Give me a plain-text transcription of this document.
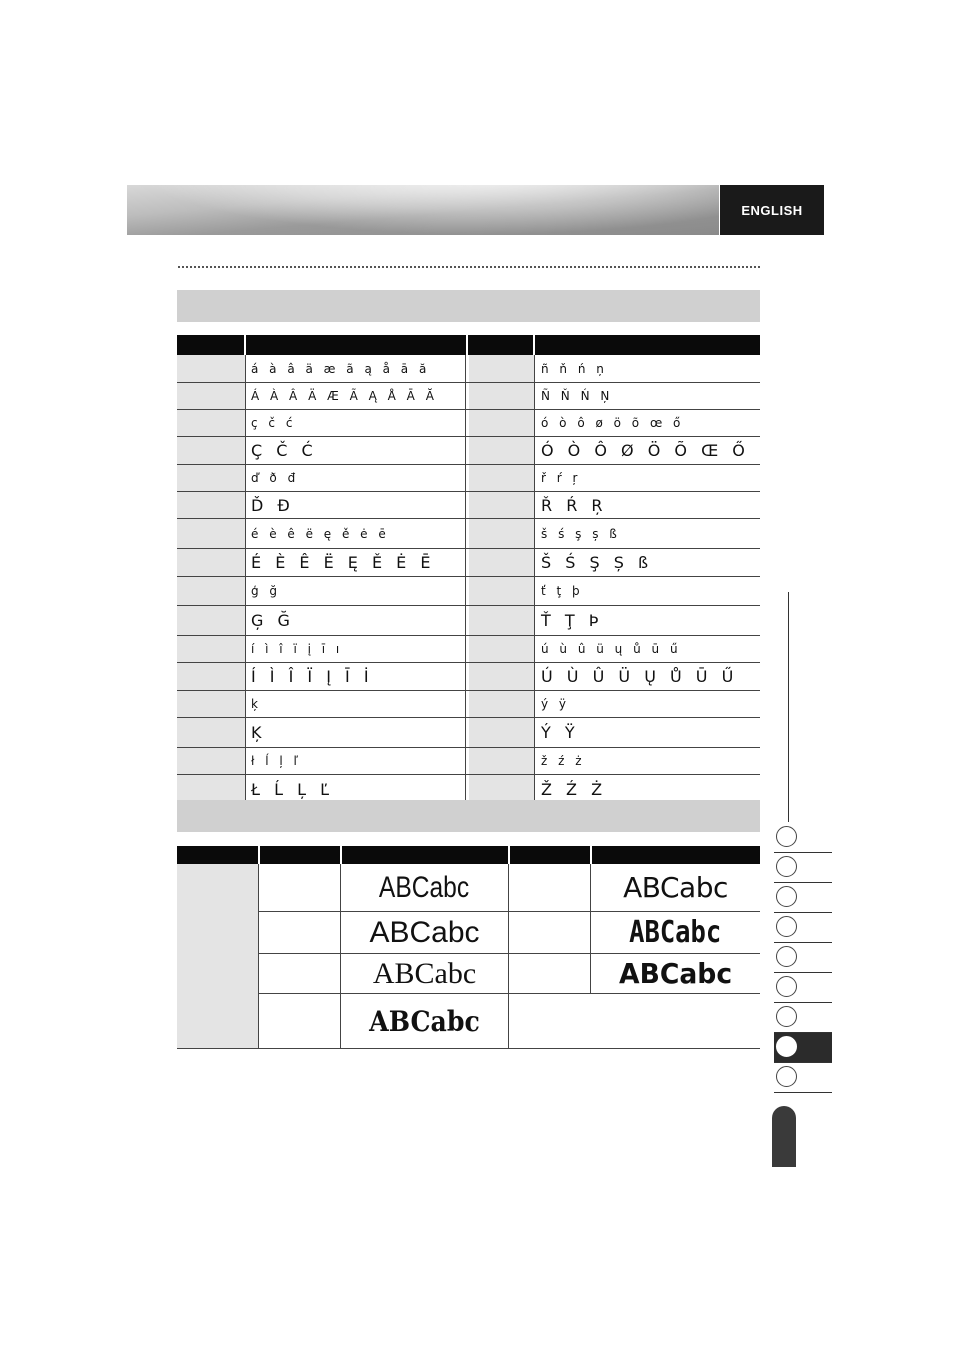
ENGLISH
á à â ä æ ã ą å ā ă	ñ ň ń ņ
Á À Â Ä Æ Ã Ą Å Ā Ă	Ñ Ň Ń Ņ
ç č ć	ó ò ô ø ö õ œ ő
Ç Č Ć	Ó Ò Ô Ø Ö Õ Œ Ő
ď ð đ	ř ŕ ŗ
Ď Đ	Ř Ŕ Ŗ
é è ê ë ę ě ė ē	š ś ş ș ß
É È Ê Ë Ę Ě Ė Ē	Š Ś Ş Ș ß
ģ ğ	ť ţ þ
Ģ Ğ	Ť Ţ Þ
í ì î ï į ī ı	ú ù û ü ų ů ū ű
Í Ì Î Ï Į Ī İ	Ú Ù Û Ü Ų Ů Ū Ű
ķ	ý ÿ
Ķ	Ý Ÿ
ł ĺ ļ ľ	ž ź ż
Ł Ĺ Ļ Ľ	Ž Ź Ż
ABCabc	ABCabc
ABCabc	ABCabc
ABCabc	ABCabc
ABCabc
